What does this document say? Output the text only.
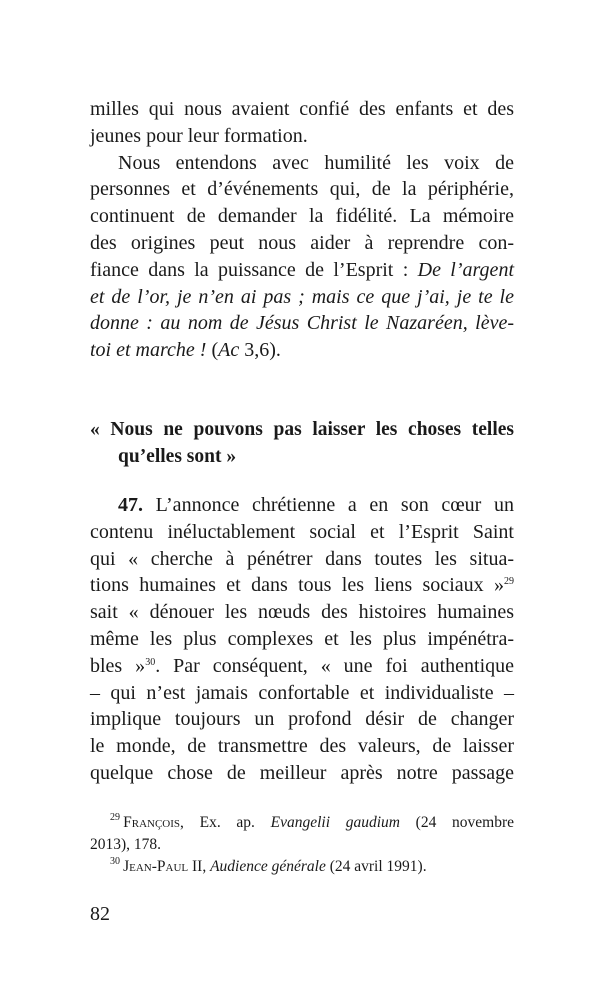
milles qui nous avaient confié des enfants et des
jeunes pour leur formation.
Nous entendons avec humilité les voix de
personnes et d’événements qui, de la périphérie,
continuent de demander la fidélité. La mémoire
des origines peut nous aider à reprendre con-
fiance dans la puissance de l’Esprit : De l’argent
et de l’or, je n’en ai pas ; mais ce que j’ai, je te le
donne : au nom de Jésus Christ le Nazaréen, lève-
toi et marche ! (Ac 3,6).
« Nous ne pouvons pas laisser les choses telles
qu’elles sont »
47. L’annonce chrétienne a en son cœur un
contenu inéluctablement social et l’Esprit Saint
qui « cherche à pénétrer dans toutes les situa-
tions humaines et dans tous les liens sociaux »$^{29}$
sait « dénouer les nœuds des histoires humaines
même les plus complexes et les plus impénétra-
bles »$^{30}$. Par conséquent, « une foi authentique
– qui n’est jamais confortable et individualiste –
implique toujours un profond désir de changer
le monde, de transmettre des valeurs, de laisser
quelque chose de meilleur après notre passage
$^{29}$  François, Ex. ap. Evangelii gaudium (24 novembre
2013), 178.
$^{30}$  Jean-Paul II, Audience générale (24 avril 1991).
82
